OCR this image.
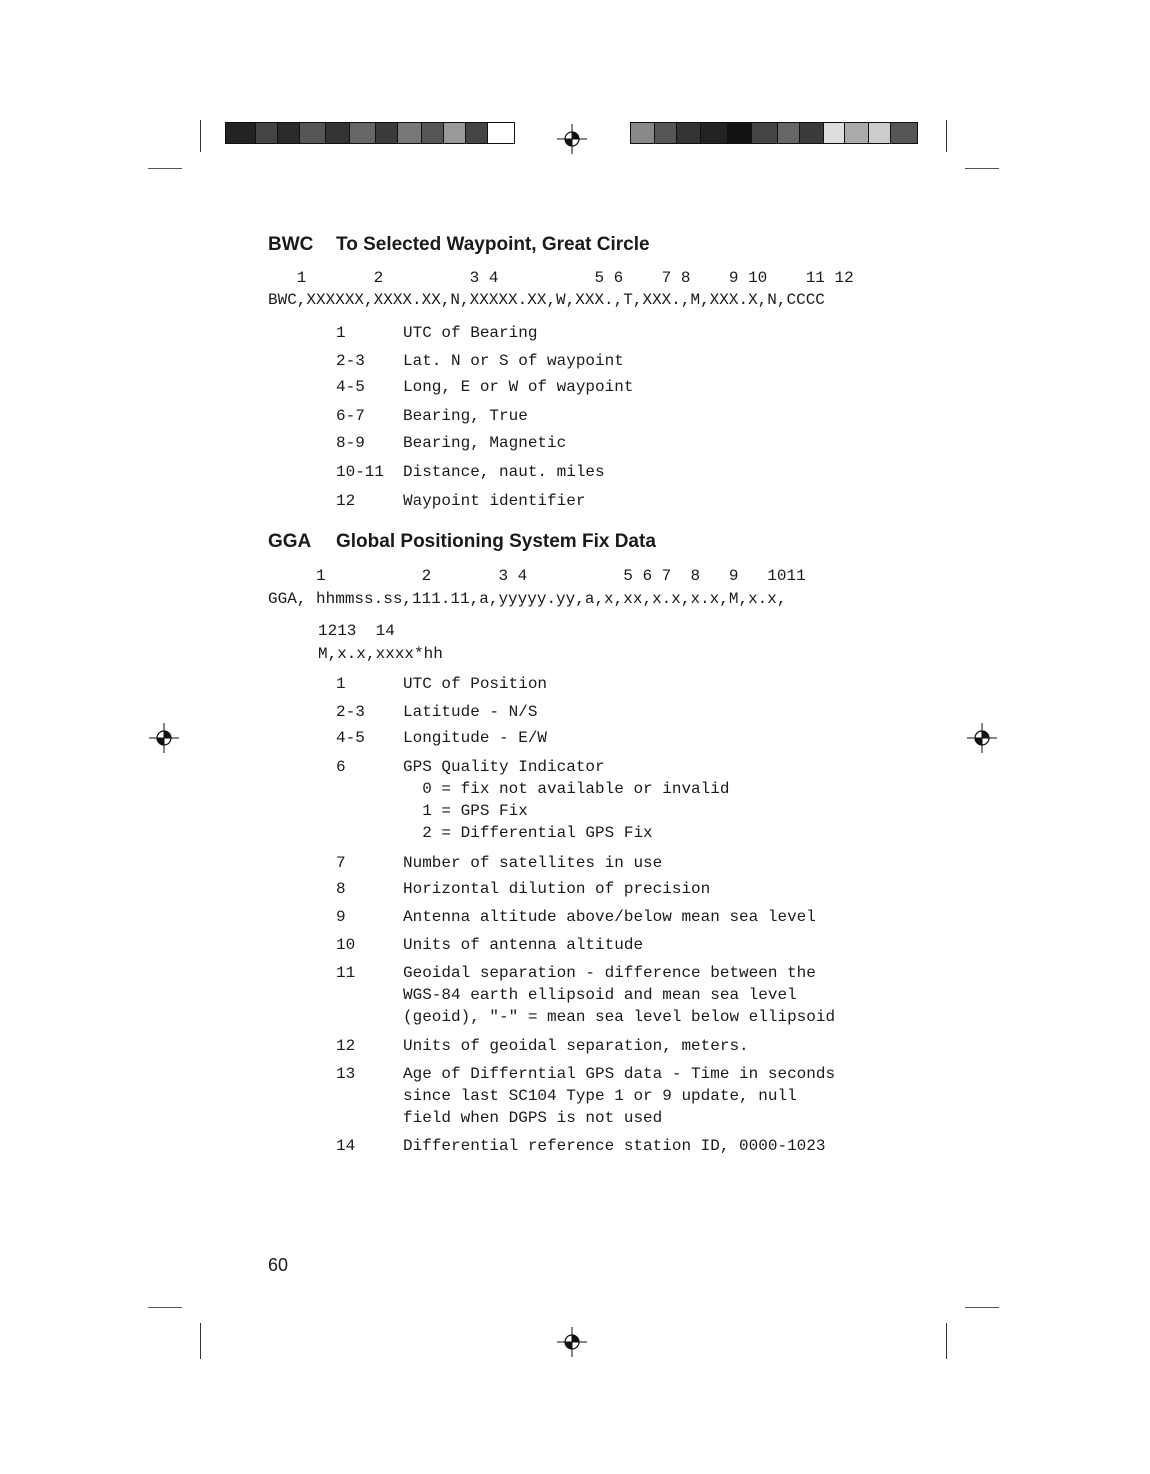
BWC To Selected Waypoint, Great Circle
1       2         3 4          5 6    7 8    9 10    11 12
BWC,XXXXXX,XXXX.XX,N,XXXXX.XX,W,XXX.,T,XXX.,M,XXX.X,N,CCCC
1	UTC of Bearing
2-3 Lat. N or S of waypoint
4-5 Long, E or W of waypoint
6-7 Bearing, True
8-9 Bearing, Magnetic
10-11 Distance, naut. miles
12	Waypoint identifier
GGA Global Positioning System Fix Data
1          2       3 4          5 6 7  8   9   1011
GGA, hhmmss.ss,111.11,a,yyyyy.yy,a,x,xx,x.x,x.x,M,x.x,
1213  14
M,x.x,xxxx*hh
1	UTC of Position
2-3 Latitude - N/S
4-5 Longitude - E/W
6	GPS Quality Indicator
0 = fix not available or invalid
1 = GPS Fix
2 = Differential GPS Fix
7	Number of satellites in use
8	Horizontal dilution of precision
9	Antenna altitude above/below mean sea level
10	Units of antenna altitude
11	Geoidal separation - difference between the
WGS-84 earth ellipsoid and mean sea level
(geoid), "-" = mean sea level below ellipsoid
12	Units of geoidal separation, meters.
13	Age of Differntial GPS data - Time in seconds
since last SC104 Type 1 or 9 update, null
field when DGPS is not used
14	Differential reference station ID, 0000-1023
60
